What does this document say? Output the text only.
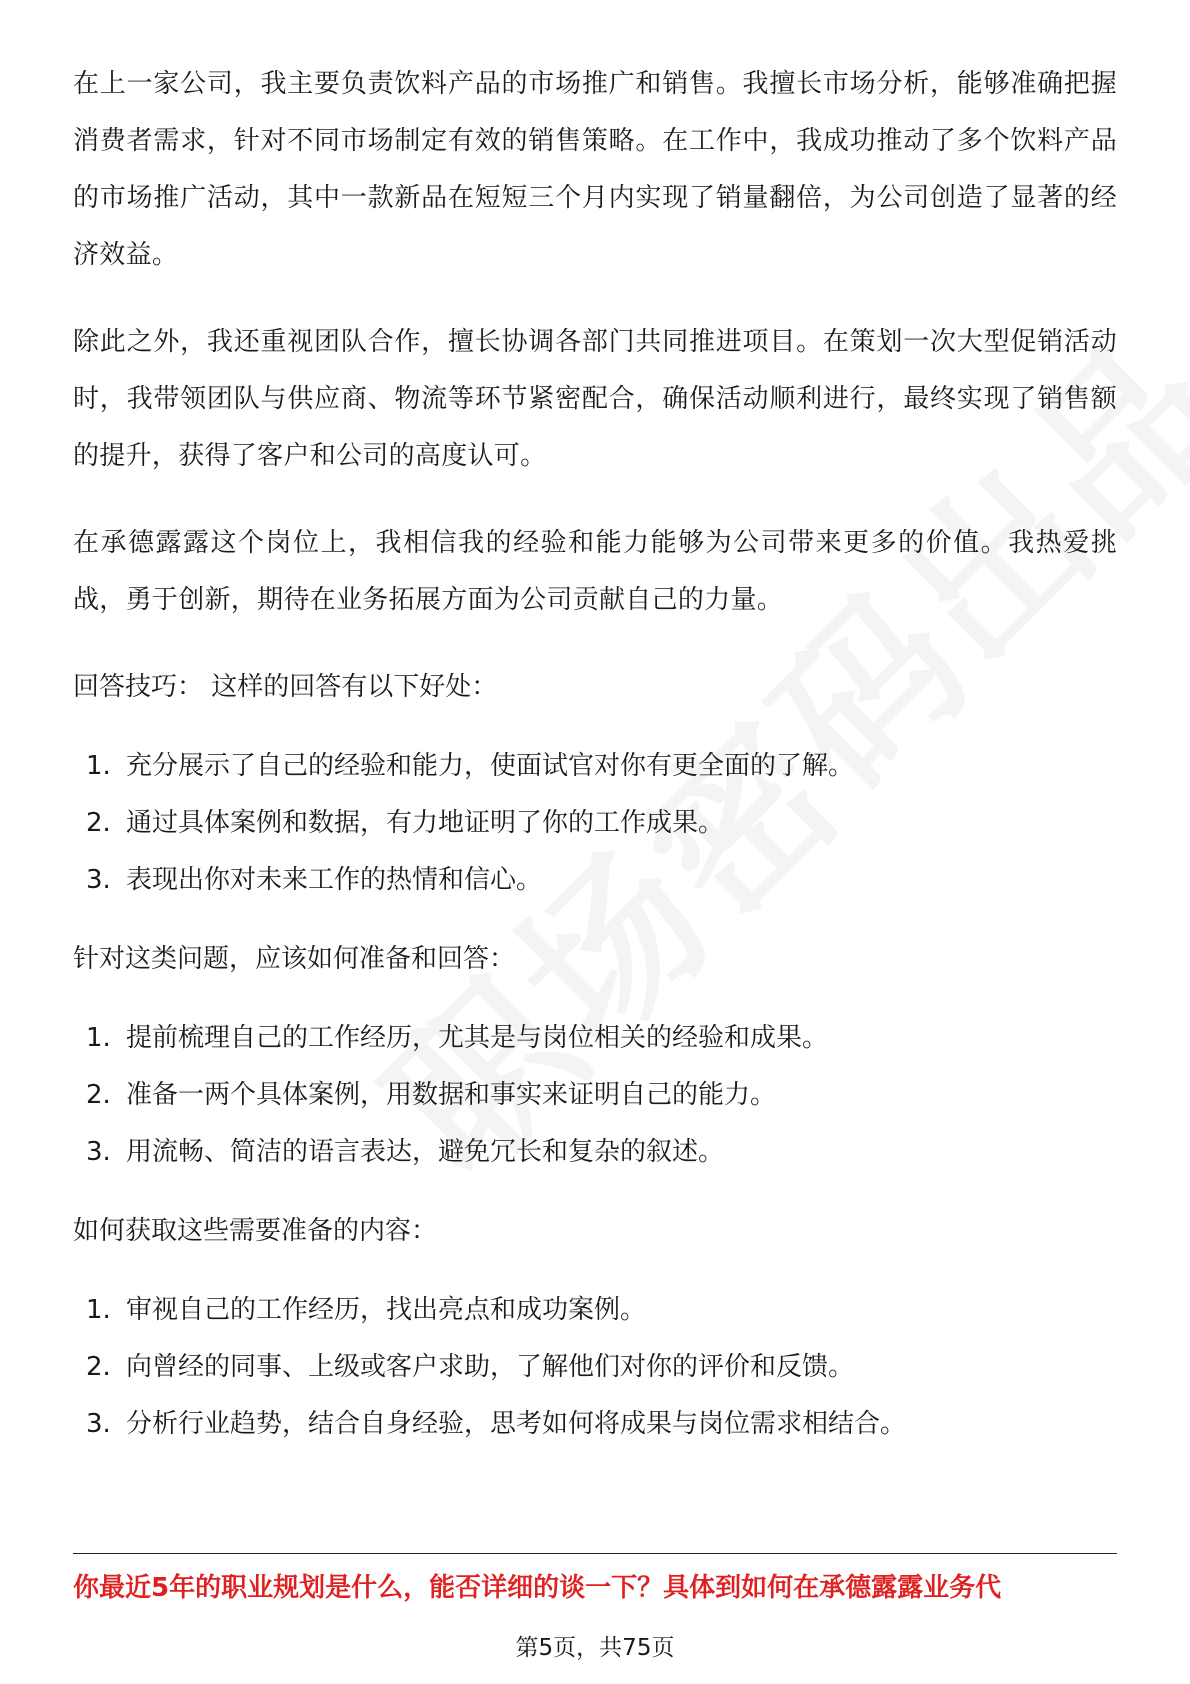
在上一家公司，我主要负责饮料产品的市场推广和销售。我擅长市场分析，能够准确把握消费者需求，针对不同市场制定有效的销售策略。在工作中，我成功推动了多个饮料产品的市场推广活动，其中一款新品在短短三个月内实现了销量翻倍，为公司创造了显著的经济效益。

除此之外，我还重视团队合作，擅长协调各部门共同推进项目。在策划一次大型促销活动时，我带领团队与供应商、物流等环节紧密配合，确保活动顺利进行，最终实现了销售额的提升，获得了客户和公司的高度认可。

在承德露露这个岗位上，我相信我的经验和能力能够为公司带来更多的价值。我热爱挑战，勇于创新，期待在业务拓展方面为公司贡献自己的力量。

回答技巧： 这样的回答有以下好处：
1. 充分展示了自己的经验和能力，使面试官对你有更全面的了解。
2. 通过具体案例和数据，有力地证明了你的工作成果。
3. 表现出你对未来工作的热情和信心。
针对这类问题，应该如何准备和回答：
1. 提前梳理自己的工作经历，尤其是与岗位相关的经验和成果。
2. 准备一两个具体案例，用数据和事实来证明自己的能力。
3. 用流畅、简洁的语言表达，避免冗长和复杂的叙述。
如何获取这些需要准备的内容：
1. 审视自己的工作经历，找出亮点和成功案例。
2. 向曾经的同事、上级或客户求助，了解他们对你的评价和反馈。
3. 分析行业趋势，结合自身经验，思考如何将成果与岗位需求相结合。
你最近5年的职业规划是什么，能否详细的谈一下？具体到如何在承德露露业务代
第5页，共75页
